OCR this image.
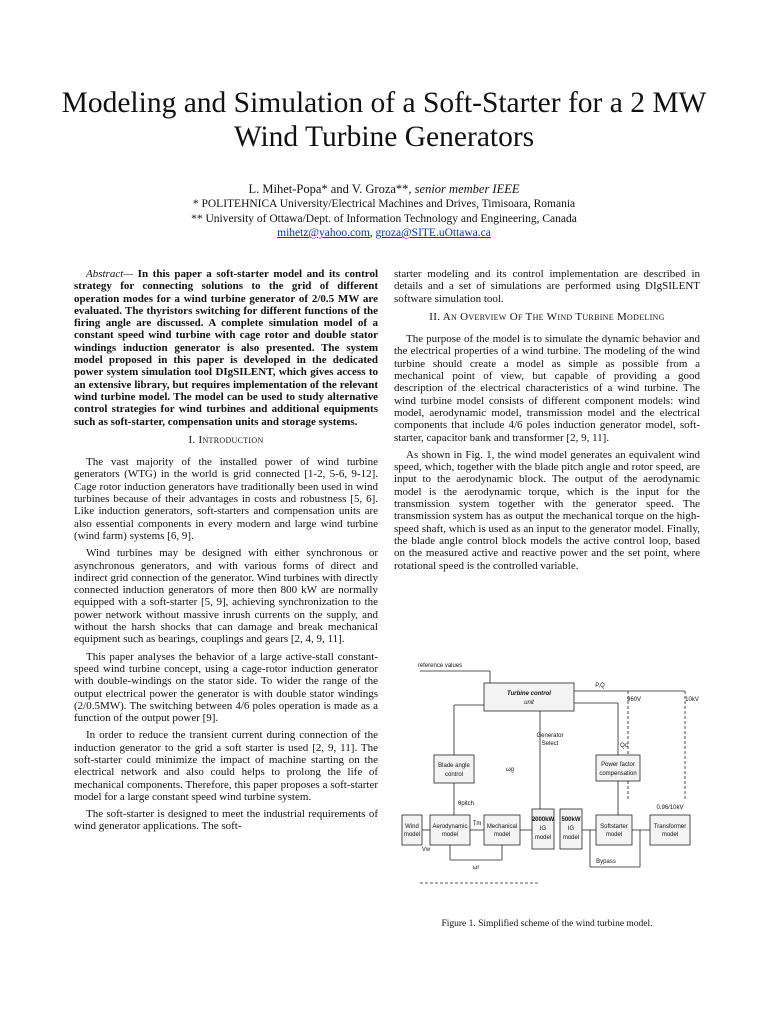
Modeling and Simulation of a Soft-Starter for a 2 MW Wind Turbine Generators
L. Mihet-Popa* and V. Groza**, senior member IEEE
* POLITEHNICA University/Electrical Machines and Drives, Timisoara, Romania
** University of Ottawa/Dept. of Information Technology and Engineering, Canada
mihetz@yahoo.com, groza@SITE.uOttawa.ca

Abstract— In this paper a soft-starter model and its control strategy for connecting solutions to the grid of different operation modes for a wind turbine generator of 2/0.5 MW are evaluated. The thyristors switching for different functions of the firing angle are discussed. A complete simulation model of a constant speed wind turbine with cage rotor and double stator windings induction generator is also presented. The system model proposed in this paper is developed in the dedicated power system simulation tool DIgSILENT, which gives access to an extensive library, but requires implementation of the relevant wind turbine model. The model can be used to study alternative control strategies for wind turbines and additional equipments such as soft-starter, compensation units and storage systems.

I. Introduction

The vast majority of the installed power of wind turbine generators (WTG) in the world is grid connected [1-2, 5-6, 9-12]. Cage rotor induction generators have traditionally been used in wind turbines because of their advantages in costs and robustness [5, 6]. Like induction generators, soft-starters and compensation units are also essential components in every modern and large wind turbine (wind farm) systems [6, 9].

Wind turbines may be designed with either synchronous or asynchronous generators, and with various forms of direct and indirect grid connection of the generator. Wind turbines with directly connected induction generators of more then 800 kW are normally equipped with a soft-starter [5, 9], achieving synchronization to the power network without massive inrush currents on the supply, and without the harsh shocks that can damage and break mechanical equipment such as bearings, couplings and gears [2, 4, 9, 11].

This paper analyses the behavior of a large active-stall constant-speed wind turbine concept, using a cage-rotor induction generator with double-windings on the stator side. To wider the range of the output electrical power the generator is with double stator windings (2/0.5MW). The switching between 4/6 poles operation is made as a function of the output power [9].

In order to reduce the transient current during connection of the induction generator to the grid a soft starter is used [2, 9, 11]. The soft-starter could minimize the impact of machine starting on the electrical network and also could helps to prolong the life of mechanical components. Therefore, this paper proposes a soft-starter model for a large constant speed wind turbine system.

The soft-starter is designed to meet the industrial requirements of wind generator applications. The soft-

starter modeling and its control implementation are described in details and a set of simulations are performed using DIgSILENT software simulation tool.

II. An Overview Of The Wind Turbine Modeling

The purpose of the model is to simulate the dynamic behavior and the electrical properties of a wind turbine. The modeling of the wind turbine should create a model as simple as possible from a mechanical point of view, but capable of providing a good description of the electrical characteristics of a wind turbine. The wind turbine model consists of different component models: wind model, aerodynamic model, transmission model and the electrical components that include 4/6 poles induction generator model, soft-starter, capacitor bank and transformer [2, 9, 11].

As shown in Fig. 1, the wind model generates an equivalent wind speed, which, together with the blade pitch angle and rotor speed, are input to the aerodynamic block. The output of the aerodynamic model is the aerodynamic torque, which is the input for the transmission system together with the generator speed. The transmission system has as output the mechanical torque on the high-speed shaft, which is used as an input to the generator model. Finally, the blade angle control block models the active control loop, based on the measured active and reactive power and the set point, where rotational speed is the controlled variable.

reference values
P,Q
960V	10kV
Turbine control
unit
Blade angle
control
Generator
Select
Power factor
compensation
Qc
Wind
model
Aerodynamic
model
Mechanical
model
2000kW
IG
model
500kW
IG
model
Softstarter
model
0.96/10kV
Transformer
model
Bypass
θpitch
Vw
Tm
ωr
ωg
Figure 1. Simplified scheme of the wind turbine model.
